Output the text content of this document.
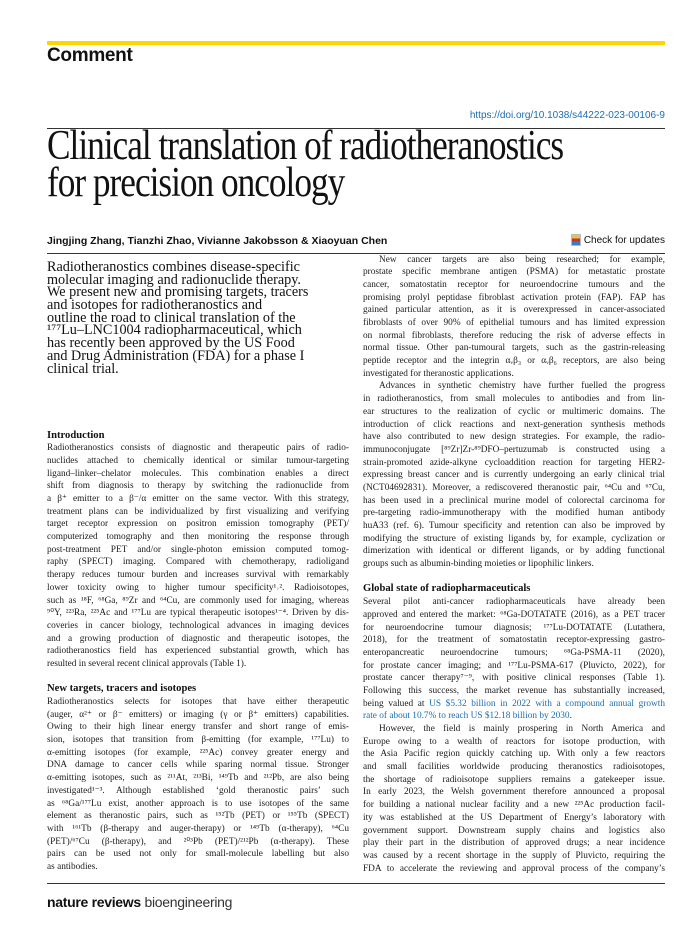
Comment
https://doi.org/10.1038/s44222-023-00106-9
Clinical translation of radiotheranostics
for precision oncology
Jingjing Zhang, Tianzhi Zhao, Vivianne Jakobsson & Xiaoyuan Chen	Check for updates
Radiotheranostics combines disease-specific
molecular imaging and radionuclide therapy.
We present new and promising targets, tracers
and isotopes for radiotheranostics and
outline the road to clinical translation of the
¹⁷⁷Lu–LNC1004 radiopharmaceutical, which
has recently been approved by the US Food
and Drug Administration (FDA) for a phase I
clinical trial.
Introduction
Radiotheranostics consists of diagnostic and therapeutic pairs of radio-
nuclides attached to chemically identical or similar tumour-targeting
ligand–linker–chelator molecules. This combination enables a direct
shift from diagnosis to therapy by switching the radionuclide from
a β⁺ emitter to a β⁻/α emitter on the same vector. With this strategy,
treatment plans can be individualized by first visualizing and verifying
target receptor expression on positron emission tomography (PET)/
computerized tomography and then monitoring the response through
post-treatment PET and/or single-photon emission computed tomog-
raphy (SPECT) imaging. Compared with chemotherapy, radioligand
therapy reduces tumour burden and increases survival with remarkably
lower toxicity owing to higher tumour specificity¹˒². Radioisotopes,
such as ¹⁸F, ⁶⁸Ga, ⁸⁹Zr and ⁶⁴Cu, are commonly used for imaging, whereas
⁹⁰Y, ²²³Ra, ²²⁵Ac and ¹⁷⁷Lu are typical therapeutic isotopes¹⁻⁴. Driven by dis-
coveries in cancer biology, technological advances in imaging devices
and a growing production of diagnostic and therapeutic isotopes, the
radiotheranostics field has experienced substantial growth, which has
resulted in several recent clinical approvals (Table 1).
New targets, tracers and isotopes
Radiotheranostics selects for isotopes that have either therapeutic
(auger, α²⁺ or β⁻ emitters) or imaging (γ or β⁺ emitters) capabilities.
Owing to their high linear energy transfer and short range of emis-
sion, isotopes that transition from β-emitting (for example, ¹⁷⁷Lu) to
α-emitting isotopes (for example, ²²⁵Ac) convey greater energy and
DNA damage to cancer cells while sparing normal tissue. Stronger
α-emitting isotopes, such as ²¹¹At, ²¹³Bi, ¹⁴⁹Tb and ²¹²Pb, are also being
investigated¹⁻³. Although established ‘gold theranostic pairs’ such
as ⁶⁸Ga/¹⁷⁷Lu exist, another approach is to use isotopes of the same
element as theranostic pairs, such as ¹⁵²Tb (PET) or ¹⁵⁵Tb (SPECT)
with ¹⁶¹Tb (β-therapy and auger-therapy) or ¹⁴⁹Tb (α-therapy), ⁶⁴Cu
(PET)/⁶⁷Cu (β-therapy), and ²⁰³Pb (PET)/²¹²Pb (α-therapy). These
pairs can be used not only for small-molecule labelling but also
as antibodies.
New cancer targets are also being researched; for example,
prostate specific membrane antigen (PSMA) for metastatic prostate
cancer, somatostatin receptor for neuroendocrine tumours and the
promising prolyl peptidase fibroblast activation protein (FAP). FAP has
gained particular attention, as it is overexpressed in cancer-associated
fibroblasts of over 90% of epithelial tumours and has limited expression
on normal fibroblasts, therefore reducing the risk of adverse effects in
normal tissue. Other pan-tumoural targets, such as the gastrin-releasing
peptide receptor and the integrin αᵥβ₃ or αᵥβ₆ receptors, are also being
investigated for theranostic applications.
Advances in synthetic chemistry have further fuelled the progress
in radiotheranostics, from small molecules to antibodies and from lin-
ear structures to the realization of cyclic or multimeric domains. The
introduction of click reactions and next-generation synthesis methods
have also contributed to new design strategies. For example, the radio-
immunoconjugate [⁸⁹Zr]Zr-⁸⁹DFO–pertuzumab is constructed using a
strain-promoted azide-alkyne cycloaddition reaction for targeting HER2-
expressing breast cancer and is currently undergoing an early clinical trial
(NCT04692831). Moreover, a rediscovered theranostic pair, ⁶⁴Cu and ⁶⁷Cu,
has been used in a preclinical murine model of colorectal carcinoma for
pre-targeting radio-immunotherapy with the modified human antibody
huA33 (ref. 6). Tumour specificity and retention can also be improved by
modifying the structure of existing ligands by, for example, cyclization or
dimerization with identical or different ligands, or by adding functional
groups such as albumin-binding moieties or lipophilic linkers.
Global state of radiopharmaceuticals
Several pilot anti-cancer radiopharmaceuticals have already been
approved and entered the market: ⁶⁸Ga-DOTATATE (2016), as a PET tracer
for neuroendocrine tumour diagnosis; ¹⁷⁷Lu-DOTATATE (Lutathera,
2018), for the treatment of somatostatin receptor-expressing gastro-
enteropancreatic neuroendocrine tumours; ⁶⁸Ga-PSMA-11 (2020),
for prostate cancer imaging; and ¹⁷⁷Lu-PSMA-617 (Pluvicto, 2022), for
prostate cancer therapy⁷⁻⁹, with positive clinical responses (Table 1).
Following this success, the market revenue has substantially increased,
being valued at US $5.32 billion in 2022 with a compound annual growth
rate of about 10.7% to reach US $12.18 billion by 2030.
However, the field is mainly prospering in North America and
Europe owing to a wealth of reactors for isotope production, with
the Asia Pacific region quickly catching up. With only a few reactors
and small facilities worldwide producing theranostics radioisotopes,
the shortage of radioisotope suppliers remains a gatekeeper issue.
In early 2023, the Welsh government therefore announced a proposal
for building a national nuclear facility and a new ²²⁵Ac production facil-
ity was established at the US Department of Energy’s laboratory with
government support. Downstream supply chains and logistics also
play their part in the distribution of approved drugs; a near incidence
was caused by a recent shortage in the supply of Pluvicto, requiring the
FDA to accelerate the reviewing and approval process of the company’s
nature reviews bioengineering
